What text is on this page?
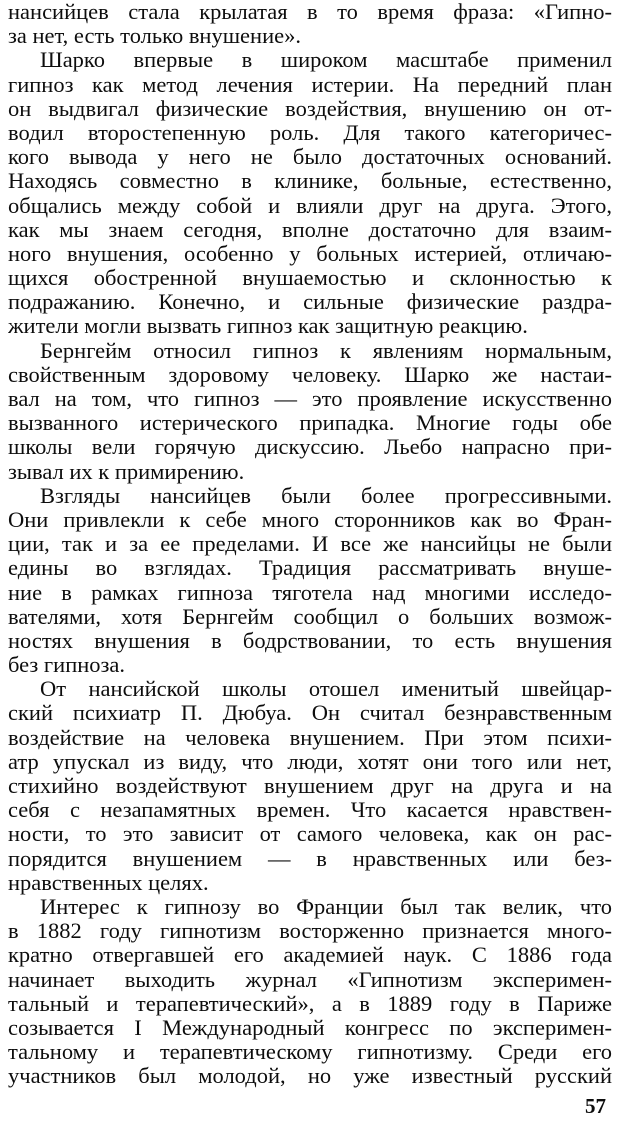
нансийцев стала крылатая в то время фраза: «Гипно-
за нет, есть только внушение».
Шарко впервые в широком масштабе применил
гипноз как метод лечения истерии. На передний план
он выдвигал физические воздействия, внушению он от-
водил второстепенную роль. Для такого категоричес-
кого вывода у него не было достаточных оснований.
Находясь совместно в клинике, больные, естественно,
общались между собой и влияли друг на друга. Этого,
как мы знаем сегодня, вполне достаточно для взаим-
ного внушения, особенно у больных истерией, отличаю-
щихся обостренной внушаемостью и склонностью к
подражанию. Конечно, и сильные физические раздра-
жители могли вызвать гипноз как защитную реакцию.
Бернгейм относил гипноз к явлениям нормальным,
свойственным здоровому человеку. Шарко же настаи-
вал на том, что гипноз — это проявление искусственно
вызванного истерического припадка. Многие годы обе
школы вели горячую дискуссию. Льебо напрасно при-
зывал их к примирению.
Взгляды нансийцев были более прогрессивными.
Они привлекли к себе много сторонников как во Фран-
ции, так и за ее пределами. И все же нансийцы не были
едины во взглядах. Традиция рассматривать внуше-
ние в рамках гипноза тяготела над многими исследо-
вателями, хотя Бернгейм сообщил о больших возмож-
ностях внушения в бодрствовании, то есть внушения
без гипноза.
От нансийской школы отошел именитый швейцар-
ский психиатр П. Дюбуа. Он считал безнравственным
воздействие на человека внушением. При этом психи-
атр упускал из виду, что люди, хотят они того или нет,
стихийно воздействуют внушением друг на друга и на
себя с незапамятных времен. Что касается нравствен-
ности, то это зависит от самого человека, как он рас-
порядится внушением — в нравственных или без-
нравственных целях.
Интерес к гипнозу во Франции был так велик, что
в 1882 году гипнотизм восторженно признается много-
кратно отвергавшей его академией наук. С 1886 года
начинает выходить журнал «Гипнотизм эксперимен-
тальный и терапевтический», а в 1889 году в Париже
созывается I Международный конгресс по эксперимен-
тальному и терапевтическому гипнотизму. Среди его
участников был молодой, но уже известный русский
57
